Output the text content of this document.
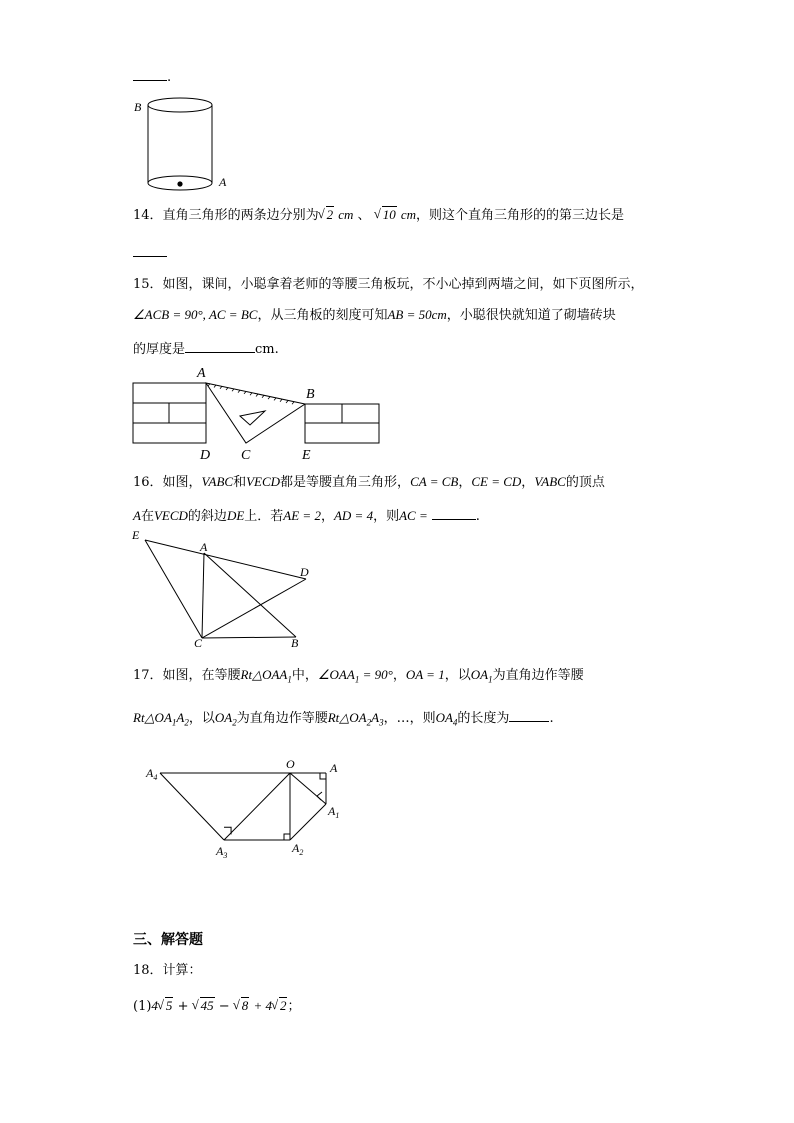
.
B
A
14．直角三角形的两条边分别为 √ 2 cm 、 √ 10 cm，则这个直角三角形的的第三边长是
15．如图，课间，小聪拿着老师的等腰三角板玩，不小心掉到两墙之间，如下页图所示，
∠ACB = 90°, AC = BC，从三角板的刻度可知AB = 50cm，小聪很快就知道了砌墙砖块
的厚度是	cm.
A
B
C
D	E
16．如图，VABC和VECD都是等腰直角三角形，CA = CB，CE = CD，VABC的顶点
A在VECD的斜边DE上．若AE = 2，AD = 4，则AC =	.
E
A
D
C	B
17．如图，在等腰$Rt\triangle OAA_1$中，$\angle OAA_1 = 90^\circ$，OA = 1，以$OA_1$为直角边作等腰
$Rt\triangle OA_1A_2$，以$OA_2$为直角边作等腰$Rt\triangle OA_2A_3$，…，则$OA_4$的长度为	.
O	A
$A_1$
$A_2$
$A_3$
$A_4$
三、解答题
18．计算：
(1)4 √ 5 + √ 45 − √ 8 + 4 √ 2；
